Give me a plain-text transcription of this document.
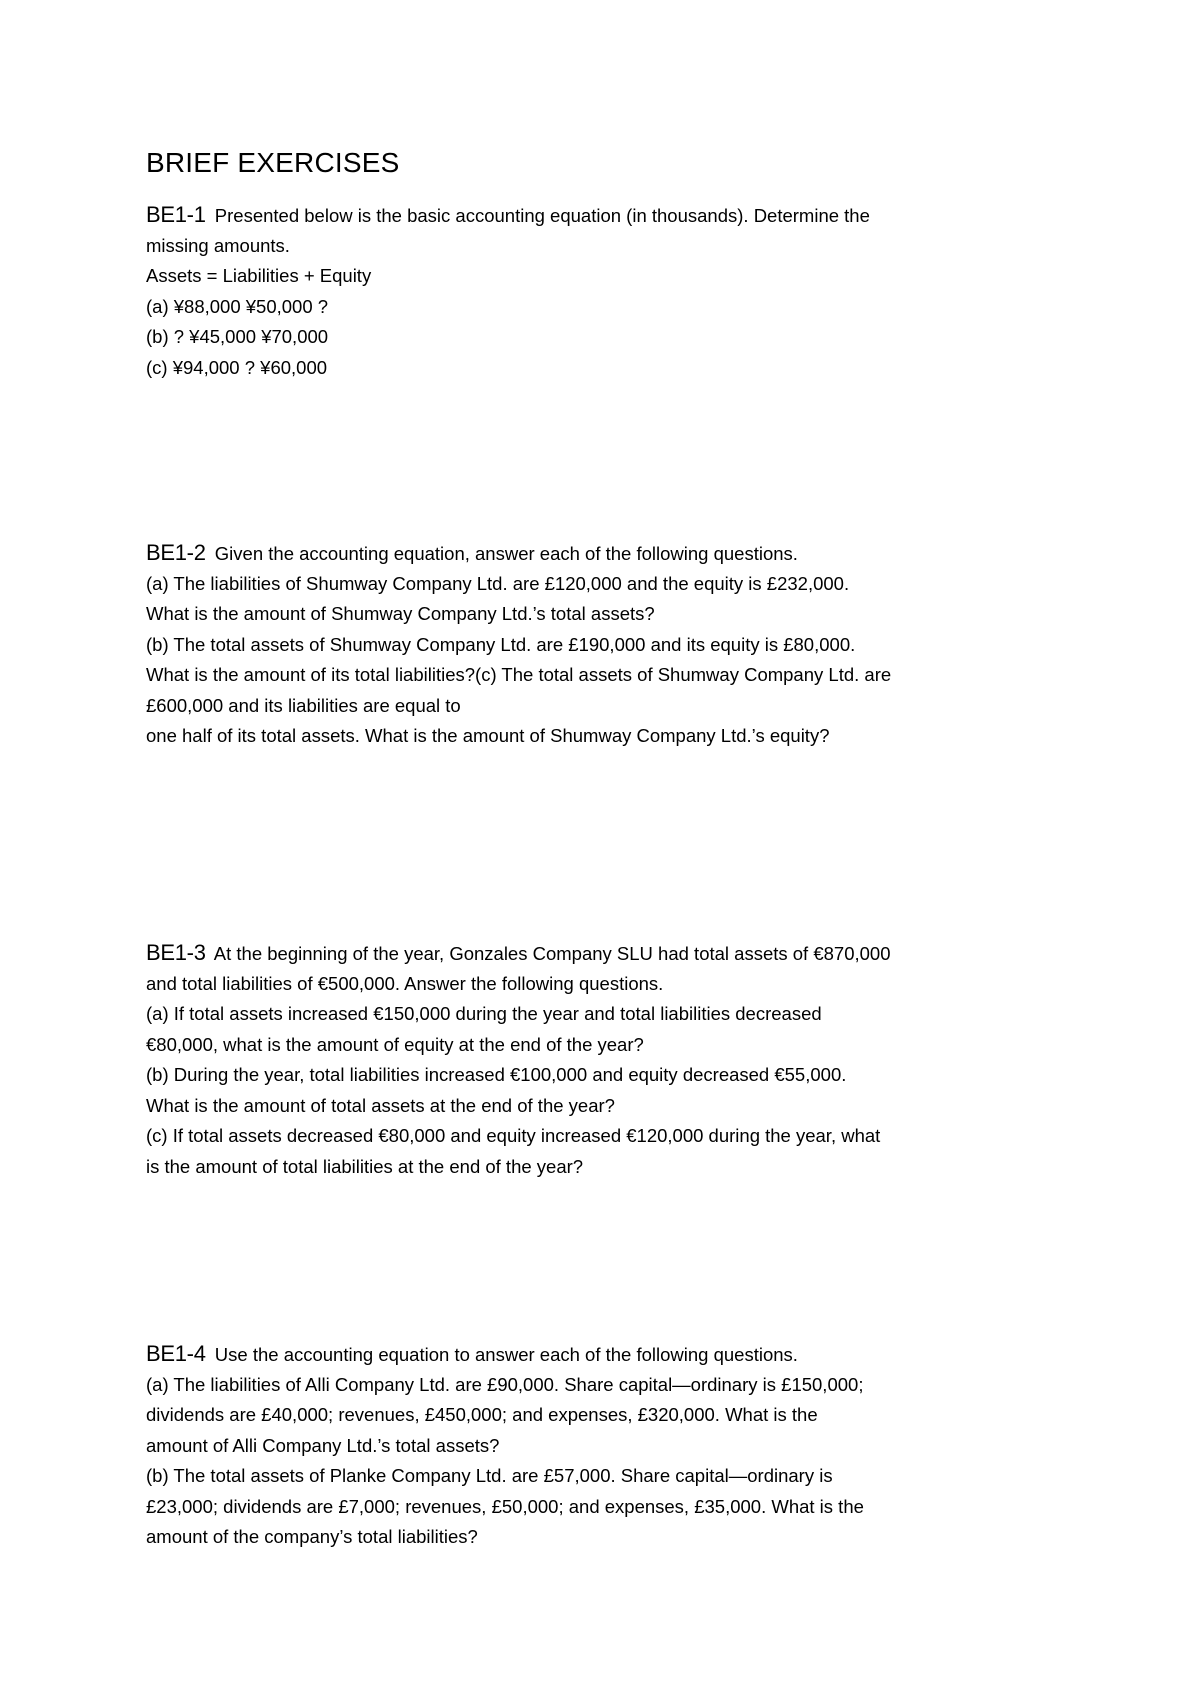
BRIEF EXERCISES

BE1-1 Presented below is the basic accounting equation (in thousands). Determine the

missing amounts.

Assets = Liabilities + Equity

(a) ¥88,000 ¥50,000 ?

(b) ? ¥45,000 ¥70,000

(c) ¥94,000 ? ¥60,000

BE1-2 Given the accounting equation, answer each of the following questions.

(a) The liabilities of Shumway Company Ltd. are £120,000 and the equity is £232,000.

What is the amount of Shumway Company Ltd.’s total assets?

(b) The total assets of Shumway Company Ltd. are £190,000 and its equity is £80,000.

What is the amount of its total liabilities?(c) The total assets of Shumway Company Ltd. are

£600,000 and its liabilities are equal to

one half of its total assets. What is the amount of Shumway Company Ltd.’s equity?

BE1-3 At the beginning of the year, Gonzales Company SLU had total assets of €870,000

and total liabilities of €500,000. Answer the following questions.

(a) If total assets increased €150,000 during the year and total liabilities decreased

€80,000, what is the amount of equity at the end of the year?

(b) During the year, total liabilities increased €100,000 and equity decreased €55,000.

What is the amount of total assets at the end of the year?

(c) If total assets decreased €80,000 and equity increased €120,000 during the year, what

is the amount of total liabilities at the end of the year?

BE1-4 Use the accounting equation to answer each of the following questions.

(a) The liabilities of Alli Company Ltd. are £90,000. Share capital—ordinary is £150,000;

dividends are £40,000; revenues, £450,000; and expenses, £320,000. What is the

amount of Alli Company Ltd.’s total assets?

(b) The total assets of Planke Company Ltd. are £57,000. Share capital—ordinary is

£23,000; dividends are £7,000; revenues, £50,000; and expenses, £35,000. What is the

amount of the company’s total liabilities?
